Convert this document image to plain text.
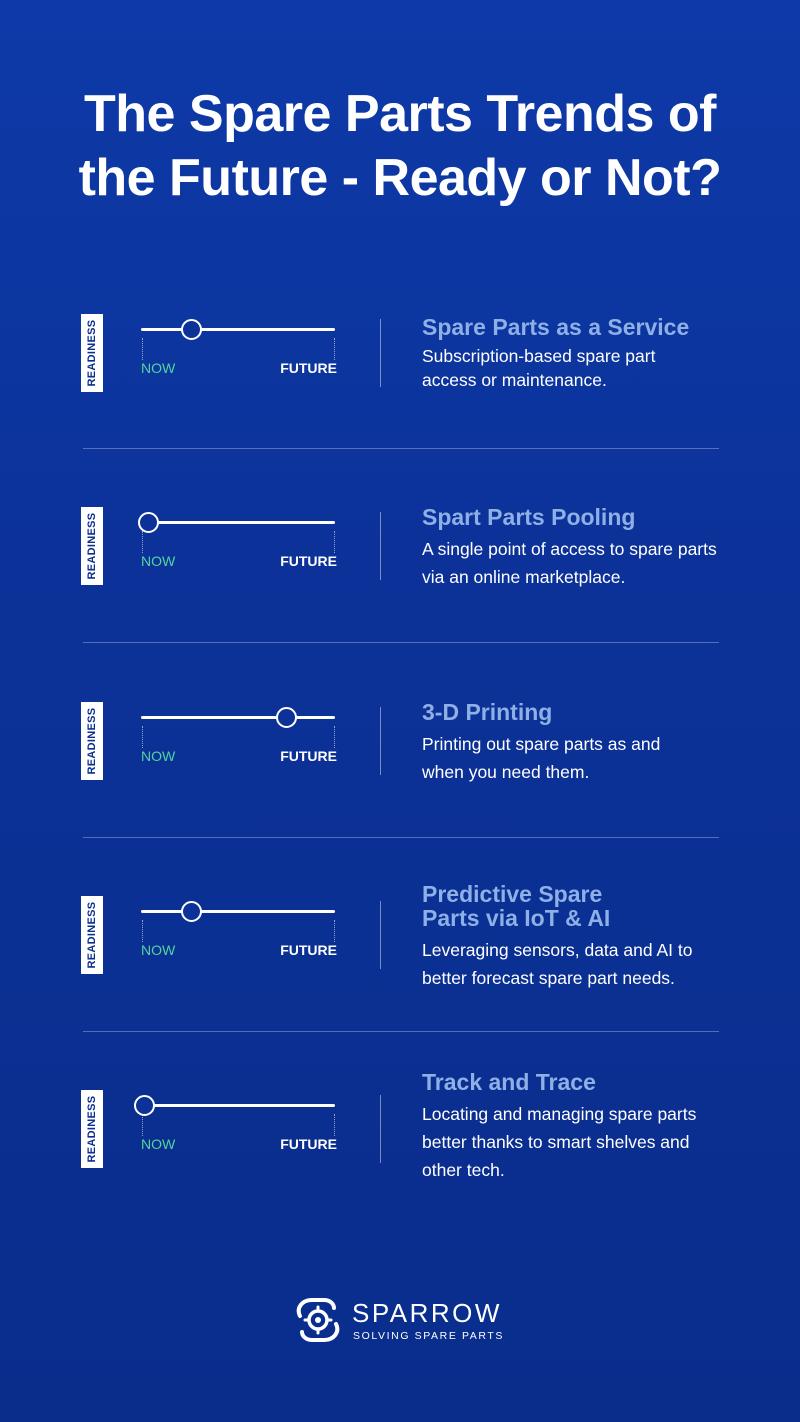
The Spare Parts Trends of
the Future - Ready or Not?
READINESS	NOW	FUTURE
Spare Parts as a Service
Subscription-based spare part access or maintenance.
READINESS	NOW	FUTURE
Spart Parts Pooling
A single point of access to spare parts via an online marketplace.
READINESS	NOW	FUTURE
3-D Printing
Printing out spare parts as and when you need them.
READINESS	NOW	FUTURE
Predictive Spare Parts via IoT & AI
Leveraging sensors, data and AI to better forecast spare part needs.
READINESS	NOW	FUTURE
Track and Trace
Locating and managing spare parts better thanks to smart shelves and other tech.
SPARROW
SOLVING SPARE PARTS
